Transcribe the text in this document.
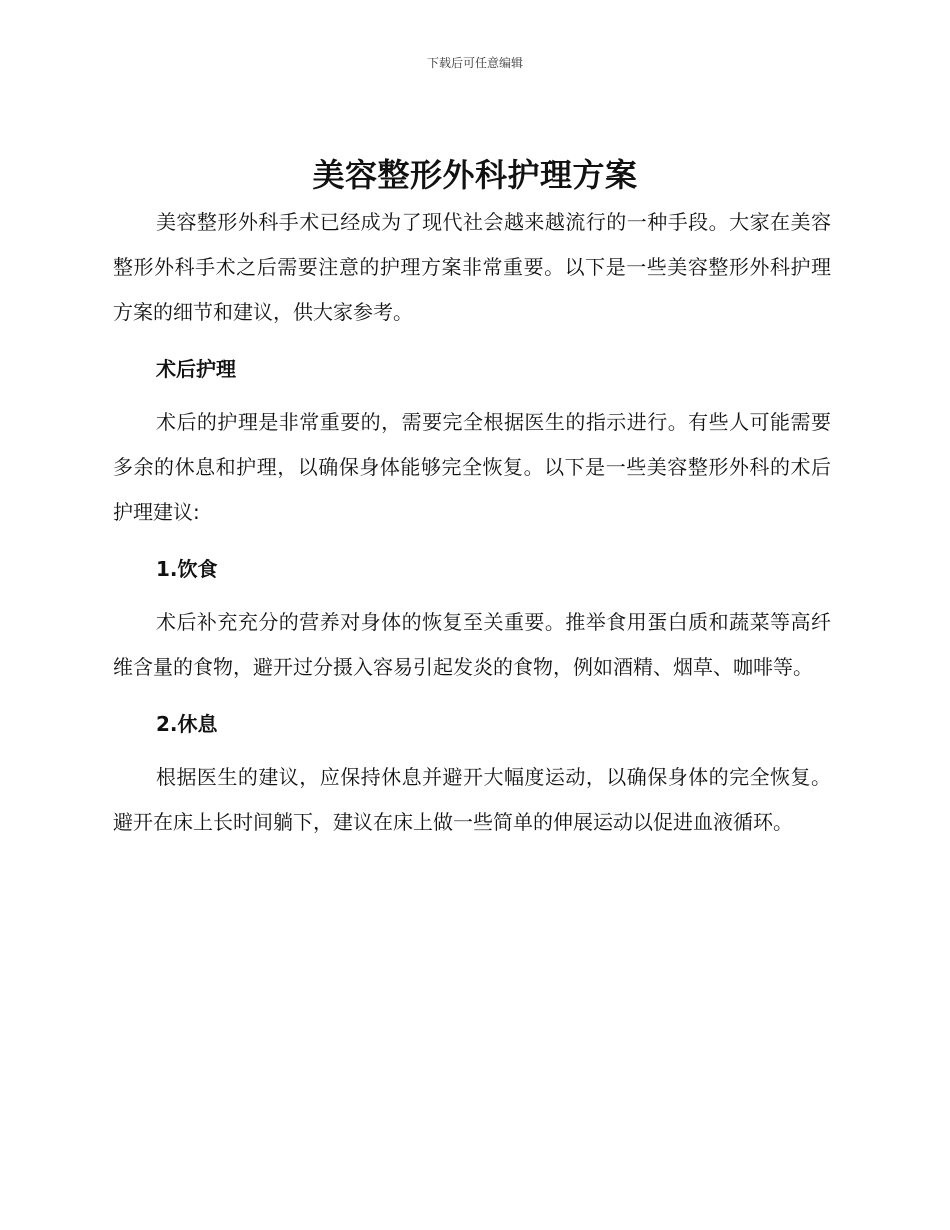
下载后可任意编辑
美容整形外科护理方案

美容整形外科手术已经成为了现代社会越来越流行的一种手段。大家在美容整形外科手术之后需要注意的护理方案非常重要。以下是一些美容整形外科护理方案的细节和建议，供大家参考。

术后护理

术后的护理是非常重要的，需要完全根据医生的指示进行。有些人可能需要多余的休息和护理，以确保身体能够完全恢复。以下是一些美容整形外科的术后护理建议:

1.饮食

术后补充充分的营养对身体的恢复至关重要。推举食用蛋白质和蔬菜等高纤维含量的食物，避开过分摄入容易引起发炎的食物，例如酒精、烟草、咖啡等。

2.休息

根据医生的建议，应保持休息并避开大幅度运动，以确保身体的完全恢复。避开在床上长时间躺下，建议在床上做一些简单的伸展运动以促进血液循环。
